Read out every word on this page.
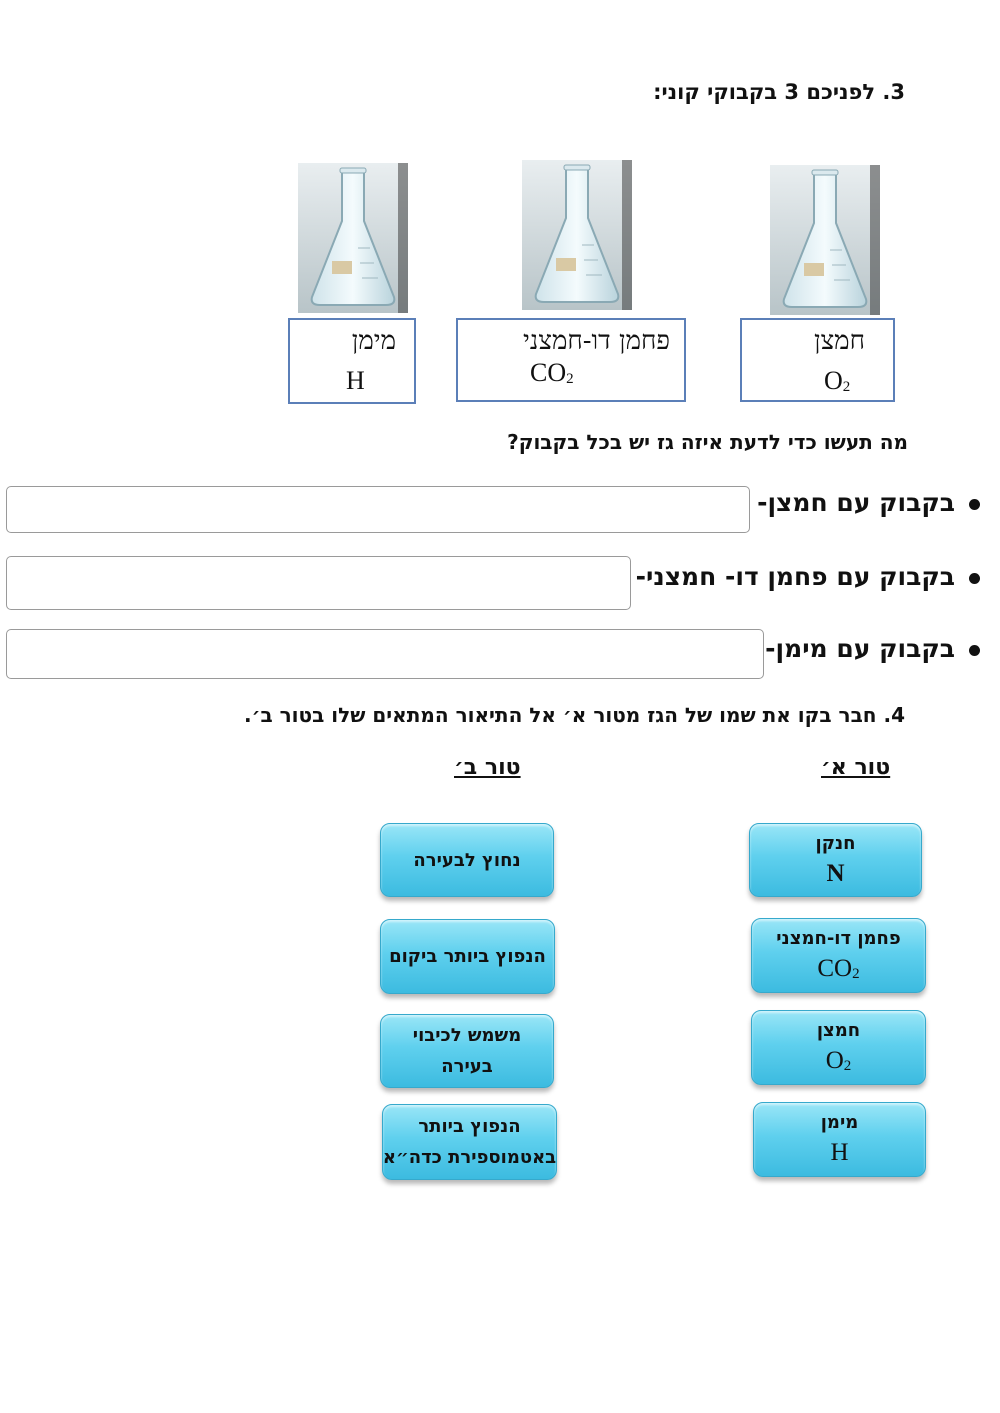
3. לפניכם 3 בקבוקי קוני:
חמצן
$O_2$
פחמן דו-חמצני
$CO_2$
מימן
H
מה תעשו כדי לדעת איזה גז יש בכל בקבוק?
בקבוק עם חמצן-
בקבוק עם פחמן דו- חמצני-
בקבוק עם מימן-
4. חבר בקו את שמו של הגז מטור א׳ אל התיאור המתאים שלו בטור ב׳.
טור א׳
טור ב׳
חנקן
N
פחמן דו-חמצני
$CO_2$
חמצן
$O_2$
מימן
H
נחוץ לבעירה
הנפוץ ביותר ביקום
משמש לכיבוי
בעירה
הנפוץ ביותר
באטמוספירת כדה״א
